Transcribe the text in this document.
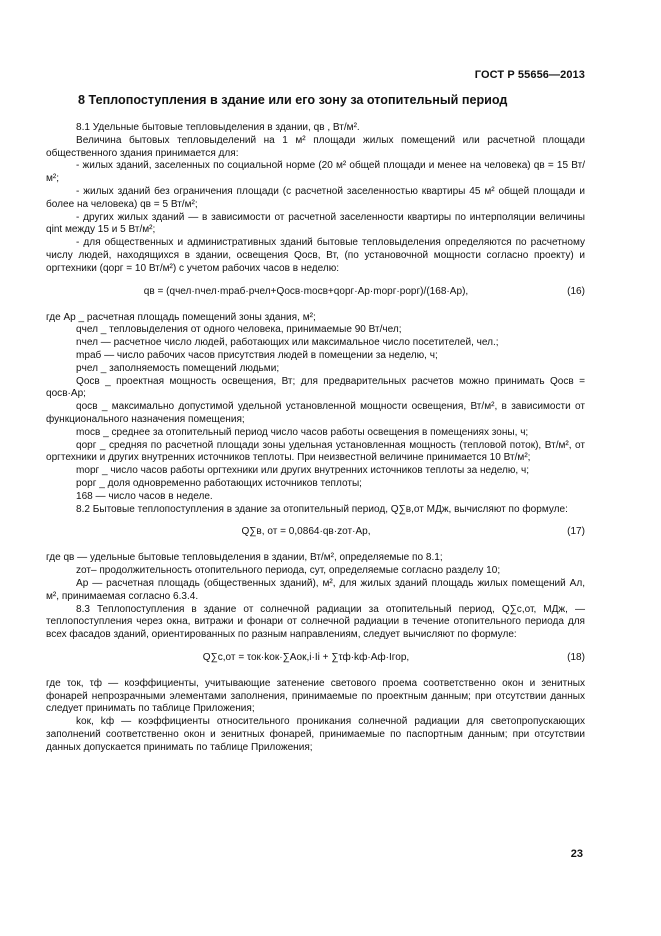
ГОСТ Р 55656—2013
8 Теплопоступления в здание или его зону за отопительный период

8.1 Удельные бытовые тепловыделения в здании, qв , Вт/м².

Величина бытовых тепловыделений на 1 м² площади жилых помещений или расчетной площади общественного здания принимается для:

- жилых зданий, заселенных по социальной норме (20 м² общей площади и менее на человека) qв = 15 Вт/м²;

- жилых зданий без ограничения площади (с расчетной заселенностью квартиры 45 м² общей площади и более на человека) qв = 5 Вт/м²;

- других жилых зданий — в зависимости от расчетной заселенности квартиры по интерполяции величины qint между 15 и 5 Вт/м²;

- для общественных и административных зданий бытовые тепловыделения определяются по расчетному числу людей, находящихся в здании, освещения Qосв, Вт, (по установочной мощности согласно проекту) и оргтехники (qорг = 10 Вт/м²) с учетом рабочих часов в неделю:

qв = (qчел·nчел·mраб·pчел+Qосв·mосв+qорг·Aр·mорг·pорг)/(168·Aр),	(16)

где Aр _ расчетная площадь помещений зоны здания, м²;

qчел _ тепловыделения от одного человека, принимаемые 90 Вт/чел;

nчел — расчетное число людей, работающих или максимальное число посетителей, чел.;

mраб — число рабочих часов присутствия людей в помещении за неделю, ч;

pчел _ заполняемость помещений людьми;

Qосв _ проектная мощность освещения, Вт; для предварительных расчетов можно принимать Qосв = qосв·Aр;

qосв _ максимально допустимой удельной установленной мощности освещения, Вт/м², в зависимости от функционального назначения помещения;

mосв _ среднее за отопительный период число часов работы освещения в помещениях зоны, ч;

qорг _ средняя по расчетной площади зоны удельная установленная мощность (тепловой поток), Вт/м², от оргтехники и других внутренних источников теплоты. При неизвестной величине принимается 10 Вт/м²;

mорг _ число часов работы оргтехники или других внутренних источников теплоты за неделю, ч;

pорг _ доля одновременно работающих источников теплоты;

168 — число часов в неделе.

8.2 Бытовые теплопоступления в здание за отопительный период, Q∑в,от МДж, вычисляют по формуле:

Q∑в, от = 0,0864·qв·zот·Aр,	(17)

где qв — удельные бытовые тепловыделения в здании, Вт/м², определяемые по 8.1;

zот– продолжительность отопительного периода, сут, определяемые согласно разделу 10;

Aр — расчетная площадь (общественных зданий), м², для жилых зданий площадь жилых помещений Aл, м², принимаемая согласно 6.3.4.

8.3 Теплопоступления в здание от солнечной радиации за отопительный период, Q∑с,от, МДж, — теплопоступления через окна, витражи и фонари от солнечной радиации в течение отопительного периода для всех фасадов зданий, ориентированных по разным направлениям, следует вычисляют по формуле:

Q∑с,от = τок·kок·∑Aок,i·Ii + ∑τф·kф·Aф·Iгор,	(18)

где τок, τф — коэффициенты, учитывающие затенение светового проема соответственно окон и зенитных фонарей непрозрачными элементами заполнения, принимаемые по проектным данным; при отсутствии данных следует принимать по таблице Приложения;

kок, kф — коэффициенты относительного проникания солнечной радиации для светопропускающих заполнений соответственно окон и зенитных фонарей, принимаемые по паспортным данным; при отсутствии данных допускается принимать по таблице Приложения;

23
